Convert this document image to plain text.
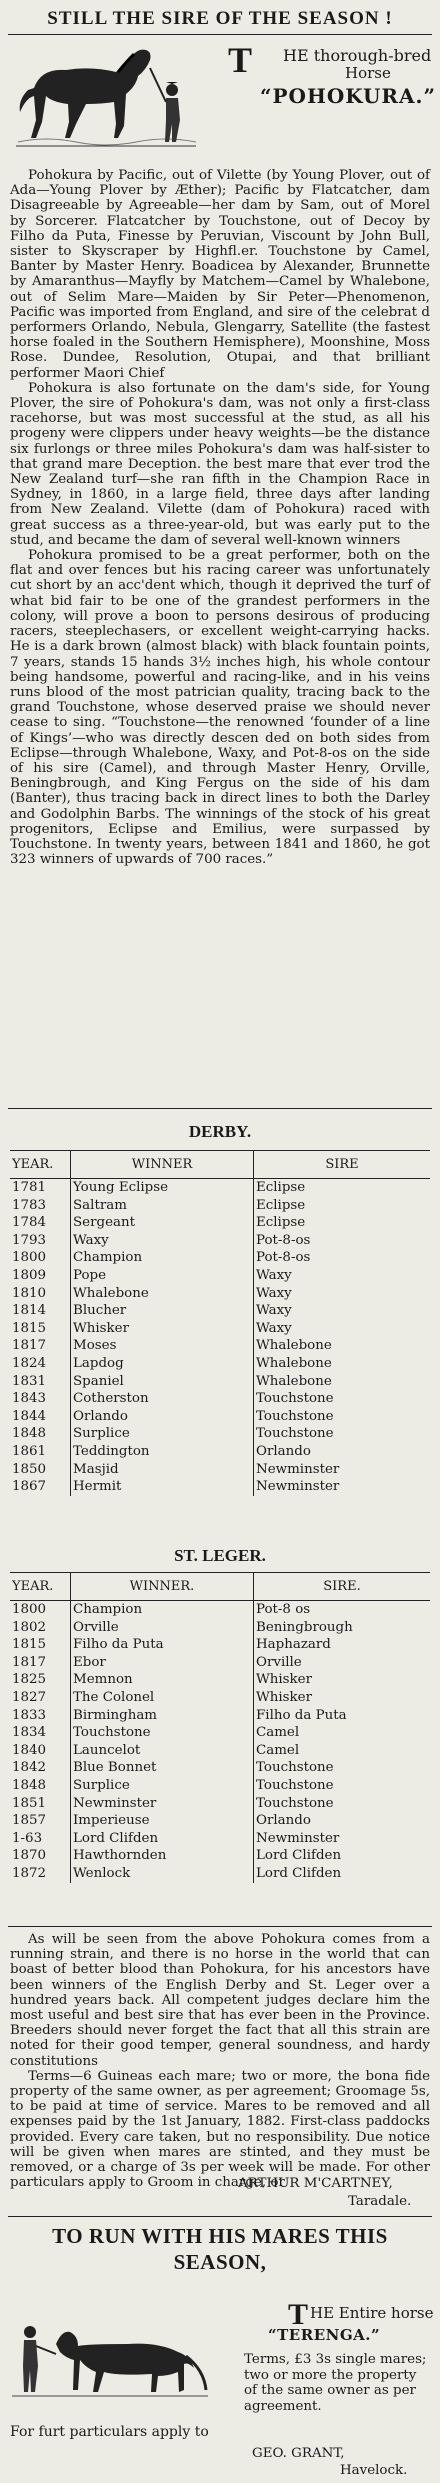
STILL THE SIRE OF THE SEASON !
T HE thorough-bred
Horse
“POHOKURA.”

Pohokura by Pacific, out of Vilette (by Young Plover, out of Ada—Young Plover by Æther); Pacific by Flatcatcher, dam Disagreeable by Agreeable—her dam by Sam, out of Morel by Sorcerer. Flatcatcher by Touchstone, out of Decoy by Filho da Puta, Finesse by Peruvian, Viscount by John Bull, sister to Skyscraper by Highfl.er. Touchstone by Camel, Banter by Master Henry. Boadicea by Alexander, Brunnette by Amaranthus—Mayfly by Matchem—Camel by Whalebone, out of Selim Mare—Maiden by Sir Peter—Phenomenon, Pacific was imported from England, and sire of the celebrat d performers Orlando, Nebula, Glengarry, Satellite (the fastest horse foaled in the Southern Hemisphere), Moonshine, Moss Rose. Dundee, Resolution, Otupai, and that brilliant performer Maori Chief

Pohokura is also fortunate on the dam's side, for Young Plover, the sire of Pohokura's dam, was not only a first-class racehorse, but was most successful at the stud, as all his progeny were clippers under heavy weights—be the distance six furlongs or three miles Pohokura's dam was half-sister to that grand mare Deception. the best mare that ever trod the New Zealand turf—she ran fifth in the Champion Race in Sydney, in 1860, in a large field, three days after landing from New Zealand. Vilette (dam of Pohokura) raced with great success as a three-year-old, but was early put to the stud, and became the dam of several well-known winners

Pohokura promised to be a great performer, both on the flat and over fences but his racing career was unfortunately cut short by an acc'dent which, though it deprived the turf of what bid fair to be one of the grandest performers in the colony, will prove a boon to persons desirous of producing racers, steeplechasers, or excellent weight-carrying hacks. He is a dark brown (almost black) with black fountain points, 7 years, stands 15 hands 3½ inches high, his whole contour being handsome, powerful and racing-like, and in his veins runs blood of the most patrician quality, tracing back to the grand Touchstone, whose deserved praise we should never cease to sing. “Touchstone—the renowned ‘founder of a line of Kings’—who was directly descen ded on both sides from Eclipse—through Whalebone, Waxy, and Pot-8-os on the side of his sire (Camel), and through Master Henry, Orville, Beningbrough, and King Fergus on the side of his dam (Banter), thus tracing back in direct lines to both the Darley and Godolphin Barbs. The winnings of the stock of his great progenitors, Eclipse and Emilius, were surpassed by Touchstone. In twenty years, between 1841 and 1860, he got 323 winners of upwards of 700 races.”

DERBY.
YEAR.	WINNER	SIRE
1781	Young Eclipse	Eclipse
1783	Saltram	Eclipse
1784	Sergeant	Eclipse
1793	Waxy	Pot-8-os
1800	Champion	Pot-8-os
1809	Pope	Waxy
1810	Whalebone	Waxy
1814	Blucher	Waxy
1815	Whisker	Waxy
1817	Moses	Whalebone
1824	Lapdog	Whalebone
1831	Spaniel	Whalebone
1843	Cotherston	Touchstone
1844	Orlando	Touchstone
1848	Surplice	Touchstone
1861	Teddington	Orlando
1850	Masjid	Newminster
1867	Hermit	Newminster
ST. LEGER.
YEAR.	WINNER.	SIRE.
1800	Champion	Pot-8 os
1802	Orville	Beningbrough
1815	Filho da Puta	Haphazard
1817	Ebor	Orville
1825	Memnon	Whisker
1827	The Colonel	Whisker
1833	Birmingham	Filho da Puta
1834	Touchstone	Camel
1840	Launcelot	Camel
1842	Blue Bonnet	Touchstone
1848	Surplice	Touchstone
1851	Newminster	Touchstone
1857	Imperieuse	Orlando
1-63	Lord Clifden	Newminster
1870	Hawthornden	Lord Clifden
1872	Wenlock	Lord Clifden

As will be seen from the above Pohokura comes from a running strain, and there is no horse in the world that can boast of better blood than Pohokura, for his ancestors have been winners of the English Derby and St. Leger over a hundred years back. All competent judges declare him the most useful and best sire that has ever been in the Province. Breeders should never forget the fact that all this strain are noted for their good temper, general soundness, and hardy constitutions

Terms—6 Guineas each mare; two or more, the bona fide property of the same owner, as per agreement; Groomage 5s, to be paid at time of service. Mares to be removed and all expenses paid by the 1st January, 1882. First-class paddocks provided. Every care taken, but no responsibility. Due notice will be given when mares are stinted, and they must be removed, or a charge of 3s per week will be made. For other particulars apply to Groom in charge, or

ARTHUR M'CARTNEY,
Taradale.
TO RUN WITH HIS MARES THIS
SEASON,
T HE Entire horse
“TERENGA.”

Terms, £3 3s single mares; two or more the property of the same owner as per agreement.

For furt particulars apply to
GEO. GRANT,
Havelock.
